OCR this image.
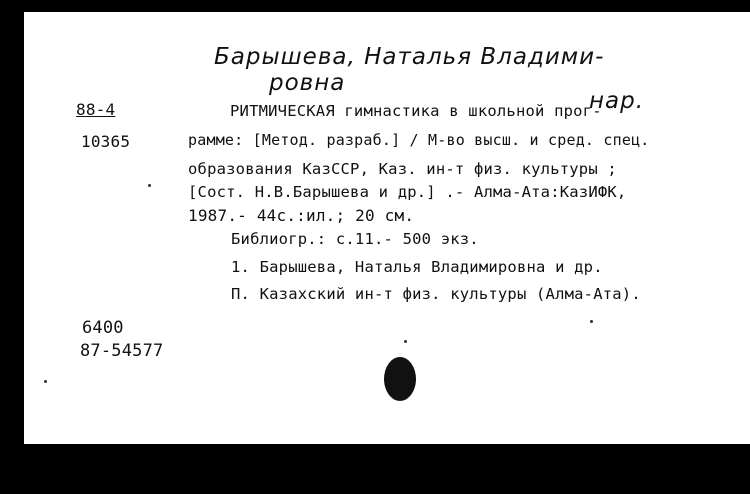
Барышева, Наталья Владими-
ровна
нар.
88-4
10365
РИТМИЧЕСКАЯ гимнастика в школьной прог-
рамме: [Метод. разраб.] / М-во высш. и сред. спец.
образования КазССР, Каз. ин-т физ. культуры ;
[Сост. Н.В.Барышева и др.] .- Алма-Ата:КазИФК,
1987.- 44с.:ил.; 20 см.
Библиогр.: с.11.- 500 экз.
1. Барышева, Наталья Владимировна и др.
П. Казахский ин-т физ. культуры (Алма-Ата).
6400
87-54577
